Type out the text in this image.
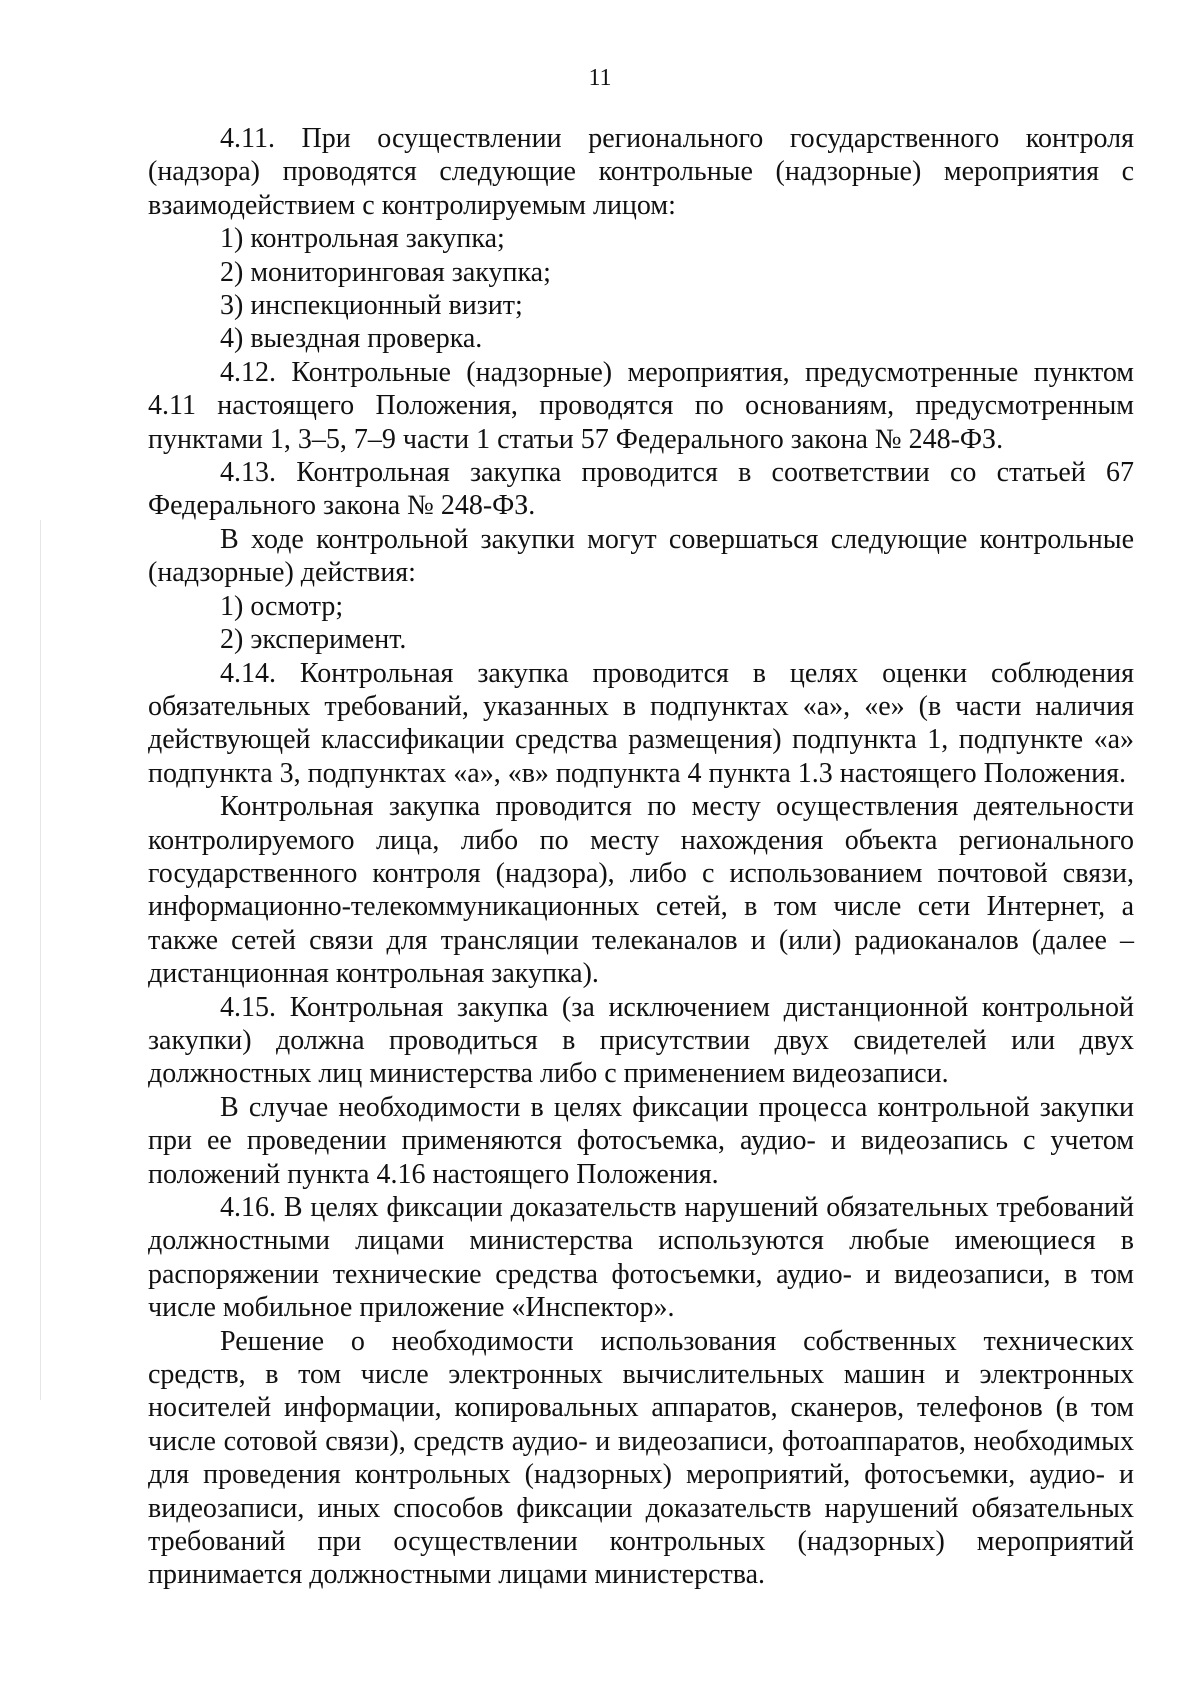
11

4.11. При осуществлении регионального государственного контроля (надзора) проводятся следующие контрольные (надзорные) мероприятия с взаимодействием с контролируемым лицом:

1) контрольная закупка;

2) мониторинговая закупка;

3) инспекционный визит;

4) выездная проверка.

4.12. Контрольные (надзорные) мероприятия, предусмотренные пунктом 4.11 настоящего Положения, проводятся по основаниям, предусмотренным пунктами 1, 3–5, 7–9 части 1 статьи 57 Федерального закона № 248-ФЗ.

4.13. Контрольная закупка проводится в соответствии со статьей 67 Федерального закона № 248-ФЗ.

В ходе контрольной закупки могут совершаться следующие контрольные (надзорные) действия:

1) осмотр;

2) эксперимент.

4.14. Контрольная закупка проводится в целях оценки соблюдения обязательных требований, указанных в подпунктах «а», «е» (в части наличия действующей классификации средства размещения) подпункта 1, подпункте «а» подпункта 3, подпунктах «а», «в» подпункта 4 пункта 1.3 настоящего Положения.

Контрольная закупка проводится по месту осуществления деятельности контролируемого лица, либо по месту нахождения объекта регионального государственного контроля (надзора), либо с использованием почтовой связи, информационно-телекоммуникационных сетей, в том числе сети Интернет, а также сетей связи для трансляции телеканалов и (или) радиоканалов (далее – дистанционная контрольная закупка).

4.15. Контрольная закупка (за исключением дистанционной контрольной закупки) должна проводиться в присутствии двух свидетелей или двух должностных лиц министерства либо с применением видеозаписи.

В случае необходимости в целях фиксации процесса контрольной закупки при ее проведении применяются фотосъемка, аудио- и видеозапись с учетом положений пункта 4.16 настоящего Положения.

4.16. В целях фиксации доказательств нарушений обязательных требований должностными лицами министерства используются любые имеющиеся в распоряжении технические средства фотосъемки, аудио- и видеозаписи, в том числе мобильное приложение «Инспектор».

Решение о необходимости использования собственных технических средств, в том числе электронных вычислительных машин и электронных носителей информации, копировальных аппаратов, сканеров, телефонов (в том числе сотовой связи), средств аудио- и видеозаписи, фотоаппаратов, необходимых для проведения контрольных (надзорных) мероприятий, фотосъемки, аудио- и видеозаписи, иных способов фиксации доказательств нарушений обязательных требований при осуществлении контрольных (надзорных) мероприятий принимается должностными лицами министерства.
